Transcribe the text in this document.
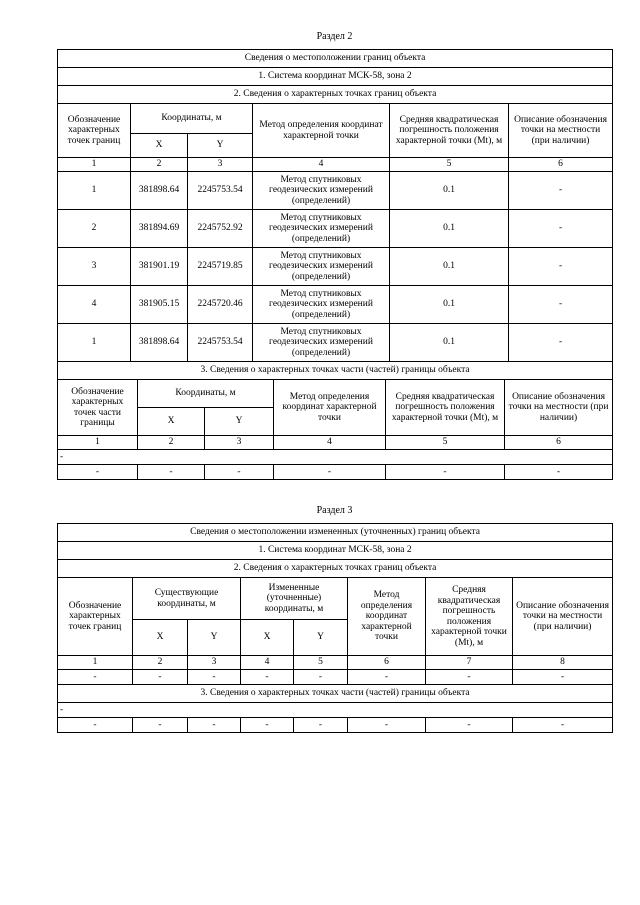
Раздел 2
Сведения о местоположении границ объекта					
1. Система координат МСК-58, зона 2					
2. Сведения о характерных точках границ объекта					
Обозначение характерных точек границ	Координаты, м		Метод определения координат характерной точки	Средняя квадратическая погрешность положения характерной точки (Mt), м	Описание обозначения точки на местности (при наличии)
	X	Y			
1	2	3	4	5	6
1	381898.64	2245753.54	Метод спутниковых геодезических измерений (определений)	0.1	-
2	381894.69	2245752.92	Метод спутниковых геодезических измерений (определений)	0.1	-
3	381901.19	2245719.85	Метод спутниковых геодезических измерений (определений)	0.1	-
4	381905.15	2245720.46	Метод спутниковых геодезических измерений (определений)	0.1	-
1	381898.64	2245753.54	Метод спутниковых геодезических измерений (определений)	0.1	-
3. Сведения о характерных точках части (частей) границы объекта					
Обозначение характерных точек части границы	Координаты, м		Метод определения координат характерной точки	Средняя квадратическая погрешность положения характерной точки (Mt), м	Описание обозначения точки на местности (при наличии)
	X	Y			
1	2	3	4	5	6
-					
-	-	-	-	-	-
Раздел 3
Сведения о местоположении измененных (уточненных) границ объекта							
1. Система координат МСК-58, зона 2							
2. Сведения о характерных точках границ объекта							
Обозначение характерных точек границ	Существующие координаты, м		Измененные (уточненные) координаты, м		Метод определения координат характерной точки	Средняя квадратическая погрешность положения характерной точки (Mt), м	Описание обозначения точки на местности (при наличии)
	X	Y	X	Y			
1	2	3	4	5	6	7	8
-	-	-	-	-	-	-	-
3. Сведения о характерных точках части (частей) границы объекта							
-							
-	-	-	-	-	-	-	-
